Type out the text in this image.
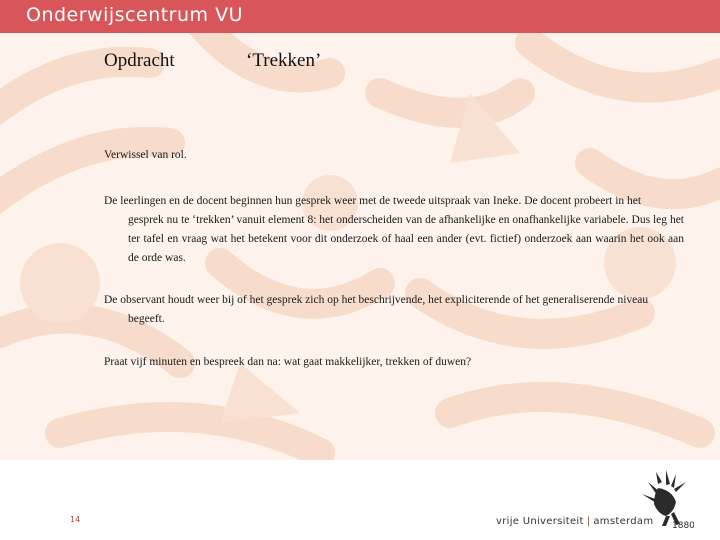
Onderwijscentrum VU
Opdracht	‘Trekken’
Verwissel van rol.
De leerlingen en de docent beginnen hun gesprek weer met de tweede uitspraak van Ineke. De docent probeert in het
gesprek nu te ‘trekken’ vanuit element 8: het onderscheiden van de afhankelijke en onafhankelijke variabele. Dus leg het ter tafel en vraag wat het betekent voor dit onderzoek of haal een ander (evt. fictief) onderzoek aan waarin het ook aan de orde was.
De observant houdt weer bij of het gesprek zich op het beschrijvende, het expliciterende of het generaliserende niveau
begeeft.
Praat vijf minuten en bespreek dan na: wat gaat makkelijker, trekken of duwen?
14	vrije Universiteit | amsterdam 1880
